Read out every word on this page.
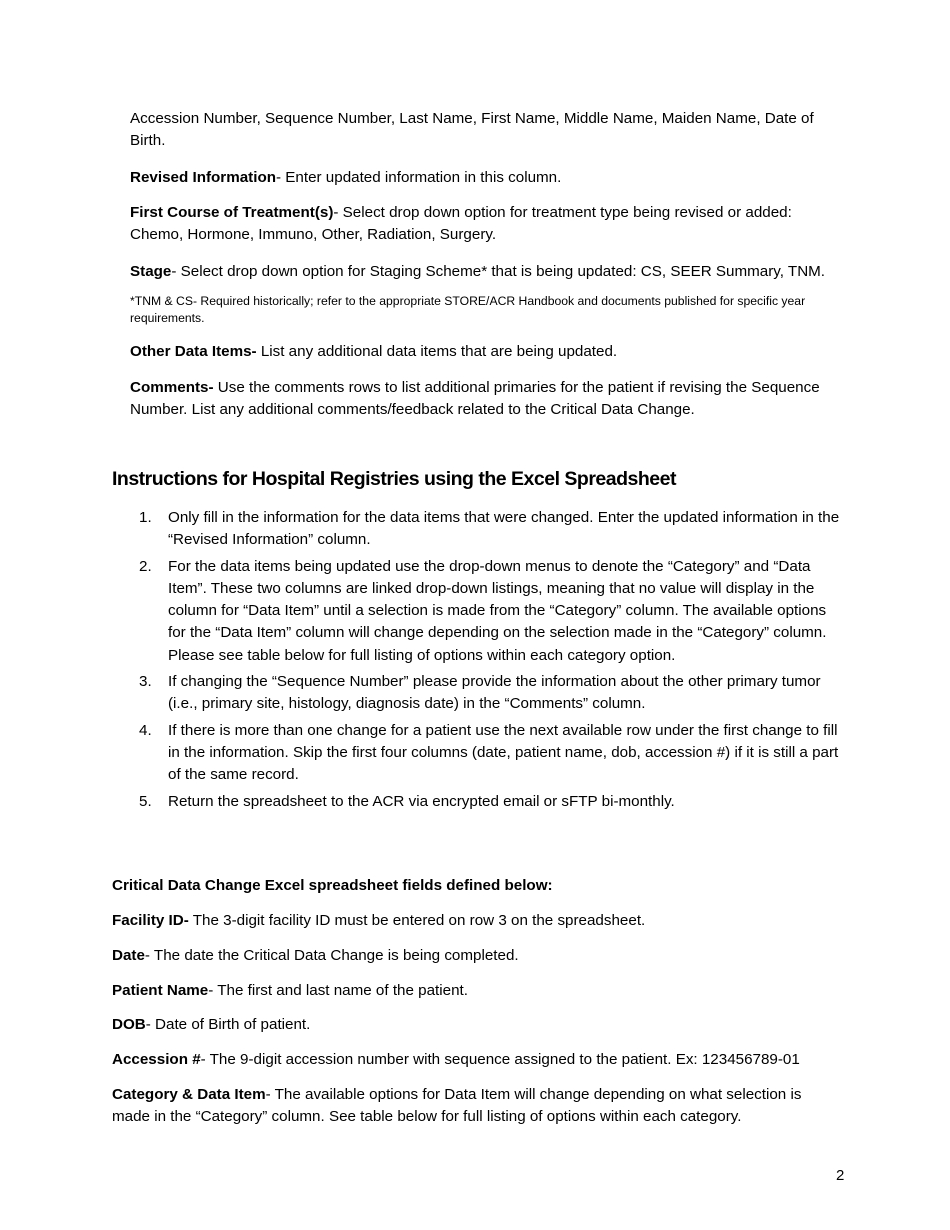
Accession Number, Sequence Number, Last Name, First Name, Middle Name, Maiden Name, Date of Birth.

Revised Information- Enter updated information in this column.

First Course of Treatment(s)- Select drop down option for treatment type being revised or added: Chemo, Hormone, Immuno, Other, Radiation, Surgery.

Stage- Select drop down option for Staging Scheme* that is being updated: CS, SEER Summary, TNM.

*TNM & CS- Required historically; refer to the appropriate STORE/ACR Handbook and documents published for specific year requirements.

Other Data Items- List any additional data items that are being updated.

Comments- Use the comments rows to list additional primaries for the patient if revising the Sequence Number. List any additional comments/feedback related to the Critical Data Change.

Instructions for Hospital Registries using the Excel Spreadsheet
1. Only fill in the information for the data items that were changed. Enter the updated information in the “Revised Information” column.
2. For the data items being updated use the drop-down menus to denote the “Category” and “Data Item”. These two columns are linked drop-down listings, meaning that no value will display in the column for “Data Item” until a selection is made from the “Category” column. The available options for the “Data Item” column will change depending on the selection made in the “Category” column. Please see table below for full listing of options within each category option.
3. If changing the “Sequence Number” please provide the information about the other primary tumor (i.e., primary site, histology, diagnosis date) in the “Comments” column.
4. If there is more than one change for a patient use the next available row under the first change to fill in the information. Skip the first four columns (date, patient name, dob, accession #) if it is still a part of the same record.
5. Return the spreadsheet to the ACR via encrypted email or sFTP bi-monthly.

Critical Data Change Excel spreadsheet fields defined below:

Facility ID- The 3-digit facility ID must be entered on row 3 on the spreadsheet.

Date- The date the Critical Data Change is being completed.

Patient Name- The first and last name of the patient.

DOB- Date of Birth of patient.

Accession #- The 9-digit accession number with sequence assigned to the patient. Ex: 123456789-01

Category & Data Item- The available options for Data Item will change depending on what selection is made in the “Category” column. See table below for full listing of options within each category.

2
